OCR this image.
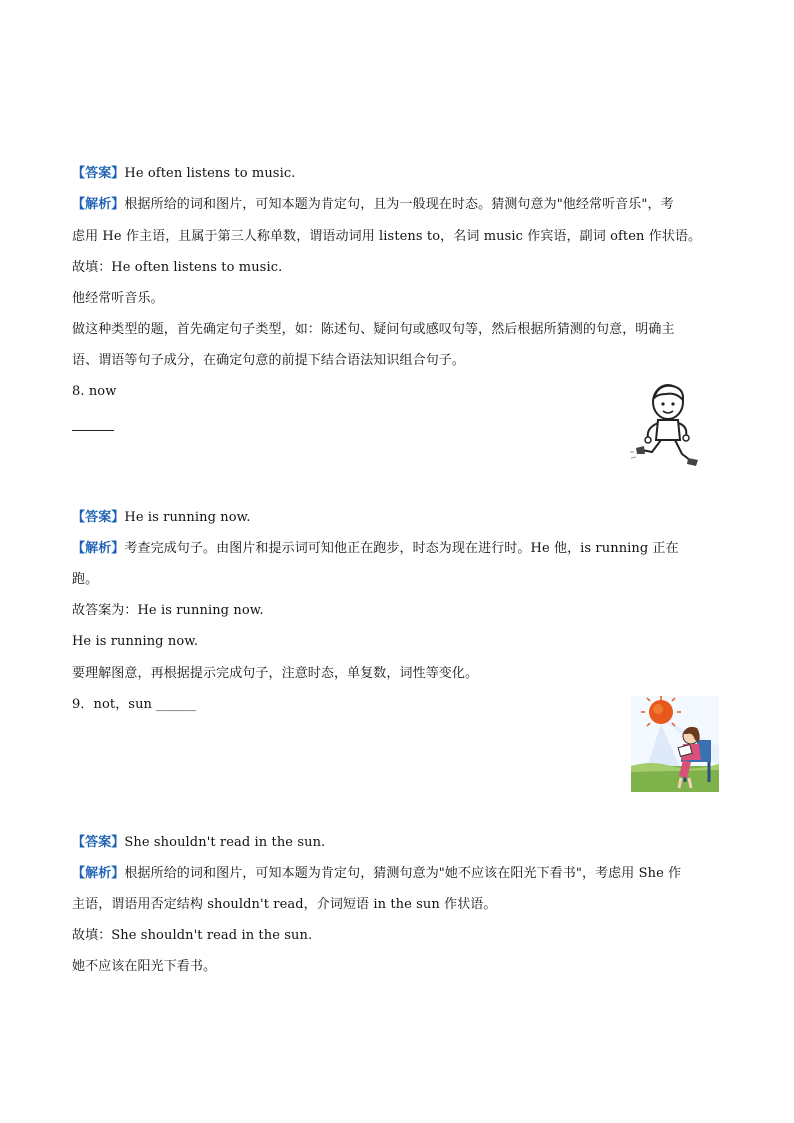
【答案】He often listens to music.
【解析】根据所给的词和图片，可知本题为肯定句，且为一般现在时态。猜测句意为"他经常听音乐"，考
虑用 He 作主语，且属于第三人称单数，谓语动词用 listens to，名词 music 作宾语，副词 often 作状语。
故填：He often listens to music.
他经常听音乐。
做这种类型的题，首先确定句子类型，如：陈述句、疑问句或感叹句等，然后根据所猜测的句意，明确主
语、谓语等句子成分，在确定句意的前提下结合语法知识组合句子。
8. now
【答案】He is running now.
【解析】考查完成句子。由图片和提示词可知他正在跑步，时态为现在进行时。He 他，is running 正在
跑。
故答案为：He is running now.
He is running now.
要理解图意，再根据提示完成句子，注意时态，单复数，词性等变化。
9．not，sun ______
【答案】She shouldn't read in the sun.
【解析】根据所给的词和图片，可知本题为肯定句，猜测句意为"她不应该在阳光下看书"，考虑用 She 作
主语，谓语用否定结构 shouldn't read，介词短语 in the sun 作状语。
故填：She shouldn't read in the sun.
她不应该在阳光下看书。
